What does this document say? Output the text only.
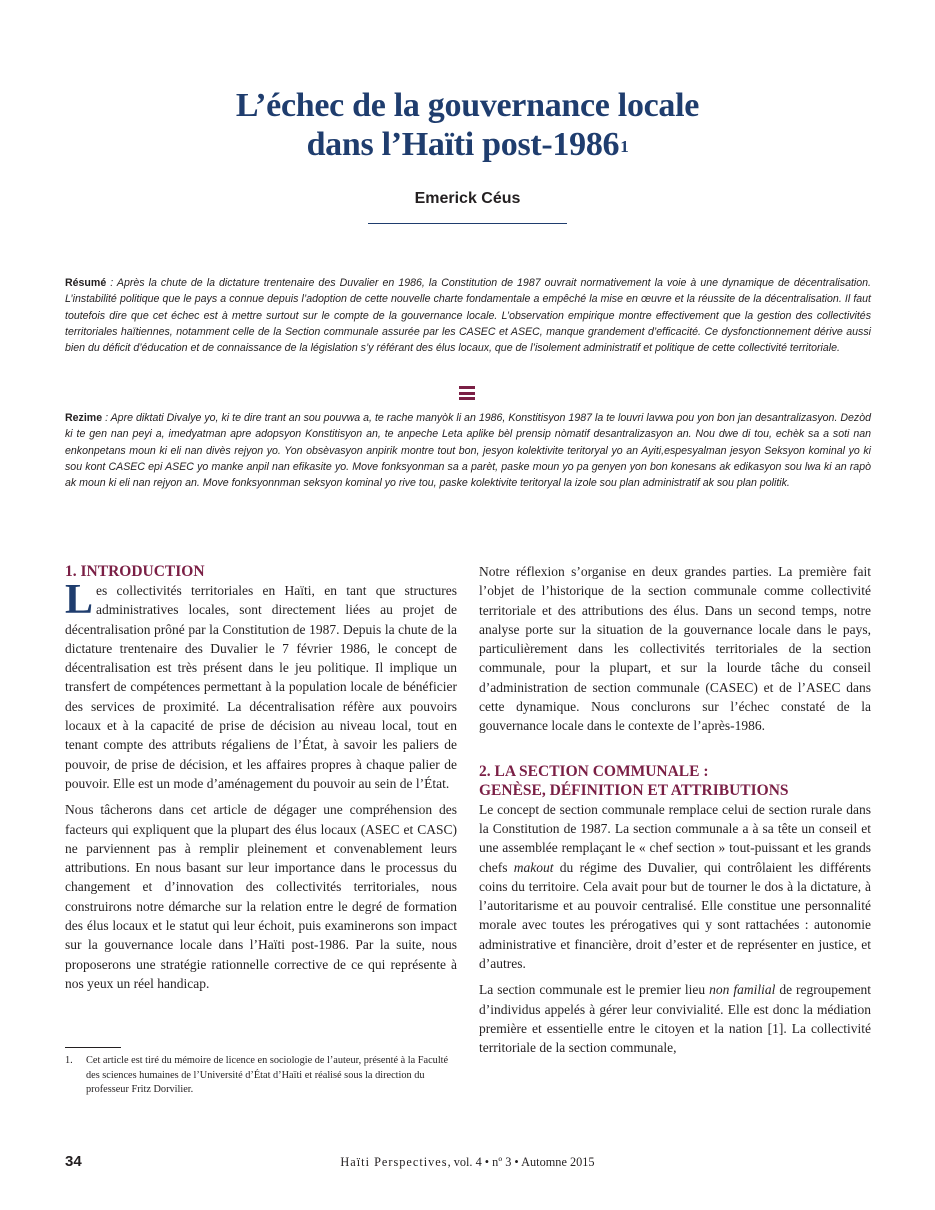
L’échec de la gouvernance locale
dans l’Haïti post-1986$^1$
Emerick Céus

Résumé : Après la chute de la dictature trentenaire des Duvalier en 1986, la Constitution de 1987 ouvrait normativement la voie à une dynamique de décentralisation. L’instabilité politique que le pays a connue depuis l’adoption de cette nouvelle charte fondamentale a empêché la mise en œuvre et la réussite de la décentralisation. Il faut toutefois dire que cet échec est à mettre surtout sur le compte de la gouvernance locale. L’observation empirique montre effectivement que la gestion des collectivités territoriales haïtiennes, notamment celle de la Section communale assurée par les CASEC et ASEC, manque grandement d’efficacité. Ce dysfonctionnement dérive aussi bien du déficit d’éducation et de connaissance de la législation s’y référant des élus locaux, que de l’isolement administratif et politique de cette collectivité territoriale.

Rezime : Apre diktati Divalye yo, ki te dire trant an sou pouvwa a, te rache manyòk li an 1986, Konstitisyon 1987 la te louvri lavwa pou yon bon jan desantralizasyon. Dezòd ki te gen nan peyi a, imedyatman apre adopsyon Konstitisyon an, te anpeche Leta aplike bèl prensip nòmatif desantralizasyon an. Nou dwe di tou, echèk sa a soti nan enkonpetans moun ki eli nan divès rejyon yo. Yon obsèvasyon anpirik montre tout bon, jesyon kolektivite teritoryal yo an Ayiti,espesyalman jesyon Seksyon kominal yo ki sou kont CASEC epi ASEC yo manke anpil nan efikasite yo. Move fonksyonman sa a parèt, paske moun yo pa genyen yon bon konesans ak edikasyon sou lwa ki an rapò ak moun ki eli nan rejyon an. Move fonksyonnman seksyon kominal yo rive tou, paske kolektivite teritoryal la izole sou plan administratif ak sou plan politik.

1. INTRODUCTION

Les collectivités territoriales en Haïti, en tant que structures administratives locales, sont directement liées au projet de décentralisation prôné par la Constitution de 1987. Depuis la chute de la dictature trentenaire des Duvalier le 7 février 1986, le concept de décentralisation est très présent dans le jeu politique. Il implique un transfert de compétences permettant à la population locale de bénéficier des services de proximité. La décentralisation réfère aux pouvoirs locaux et à la capacité de prise de décision au niveau local, tout en tenant compte des attributs régaliens de l’État, à savoir les paliers de pouvoir, de prise de décision, et les affaires propres à chaque palier de pouvoir. Elle est un mode d’aménagement du pouvoir au sein de l’État.

Nous tâcherons dans cet article de dégager une compréhension des facteurs qui expliquent que la plupart des élus locaux (ASEC et CASC) ne parviennent pas à remplir pleinement et convenablement leurs attributions. En nous basant sur leur importance dans le processus du changement et d’innovation des collectivités territoriales, nous construirons notre démarche sur la relation entre le degré de formation des élus locaux et le statut qui leur échoit, puis examinerons son impact sur la gouvernance locale dans l’Haïti post-1986. Par la suite, nous proposerons une stratégie rationnelle corrective de ce qui représente à nos yeux un réel handicap.

Notre réflexion s’organise en deux grandes parties. La première fait l’objet de l’historique de la section communale comme collectivité territoriale et des attributions des élus. Dans un second temps, notre analyse porte sur la situation de la gouvernance locale dans le pays, particulièrement dans les collectivités territoriales de la section communale, pour la plupart, et sur la lourde tâche du conseil d’administration de section communale (CASEC) et de l’ASEC dans cette dynamique. Nous conclurons sur l’échec constaté de la gouvernance locale dans le contexte de l’après-1986.

2. LA SECTION COMMUNALE :
GENÈSE, DÉFINITION ET ATTRIBUTIONS

Le concept de section communale remplace celui de section rurale dans la Constitution de 1987. La section communale a à sa tête un conseil et une assemblée remplaçant le « chef section » tout-puissant et les grands chefs makout du régime des Duvalier, qui contrôlaient les différents coins du territoire. Cela avait pour but de tourner le dos à la dictature, à l’autoritarisme et au pouvoir centralisé. Elle constitue une personnalité morale avec toutes les prérogatives qui y sont rattachées : autonomie administrative et financière, droit d’ester et de représenter en justice, et d’autres.

La section communale est le premier lieu non familial de regroupement d’individus appelés à gérer leur convivialité. Elle est donc la médiation première et essentielle entre le citoyen et la nation [1]. La collectivité territoriale de la section communale,

1. Cet article est tiré du mémoire de licence en sociologie de l’auteur, présenté à la Faculté des sciences humaines de l’Université d’État d’Haïti et réalisé sous la direction du professeur Fritz Dorvilier.
34	Haïti Perspectives, vol. 4 • nº 3 • Automne 2015
